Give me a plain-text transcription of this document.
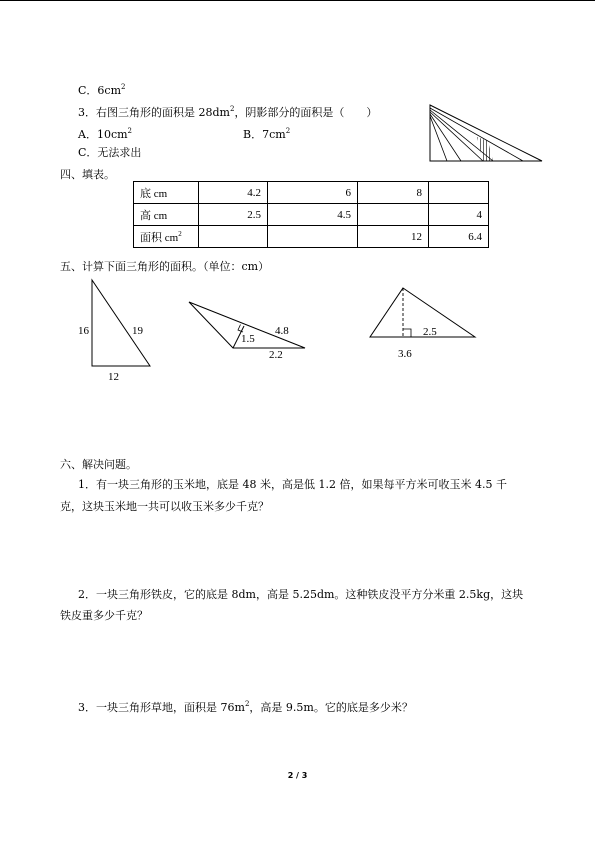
C．$6cm^2$
3．右图三角形的面积是 $28dm^2$，阴影部分的面积是（　　）
A．$10cm^2$	B．$7cm^2$
C．无法求出
四、填表。
底 cm	4.2	6	8	
高 cm	2.5	4.5		4
面积 $cm^2$			12	6.4
五、计算下面三角形的面积。（单位：cm）
16	19
12
4.8
1.5
2.2
2.5
3.6
六、解决问题。
1．有一块三角形的玉米地，底是 48 米，高是低 1.2 倍，如果每平方米可收玉米 4.5 千
克，这块玉米地一共可以收玉米多少千克？
2．一块三角形铁皮，它的底是 8dm，高是 5.25dm。这种铁皮没平方分米重 2.5kg，这块
铁皮重多少千克？
3．一块三角形草地，面积是 $76m^2$，高是 9.5m。它的底是多少米？
2 / 3
